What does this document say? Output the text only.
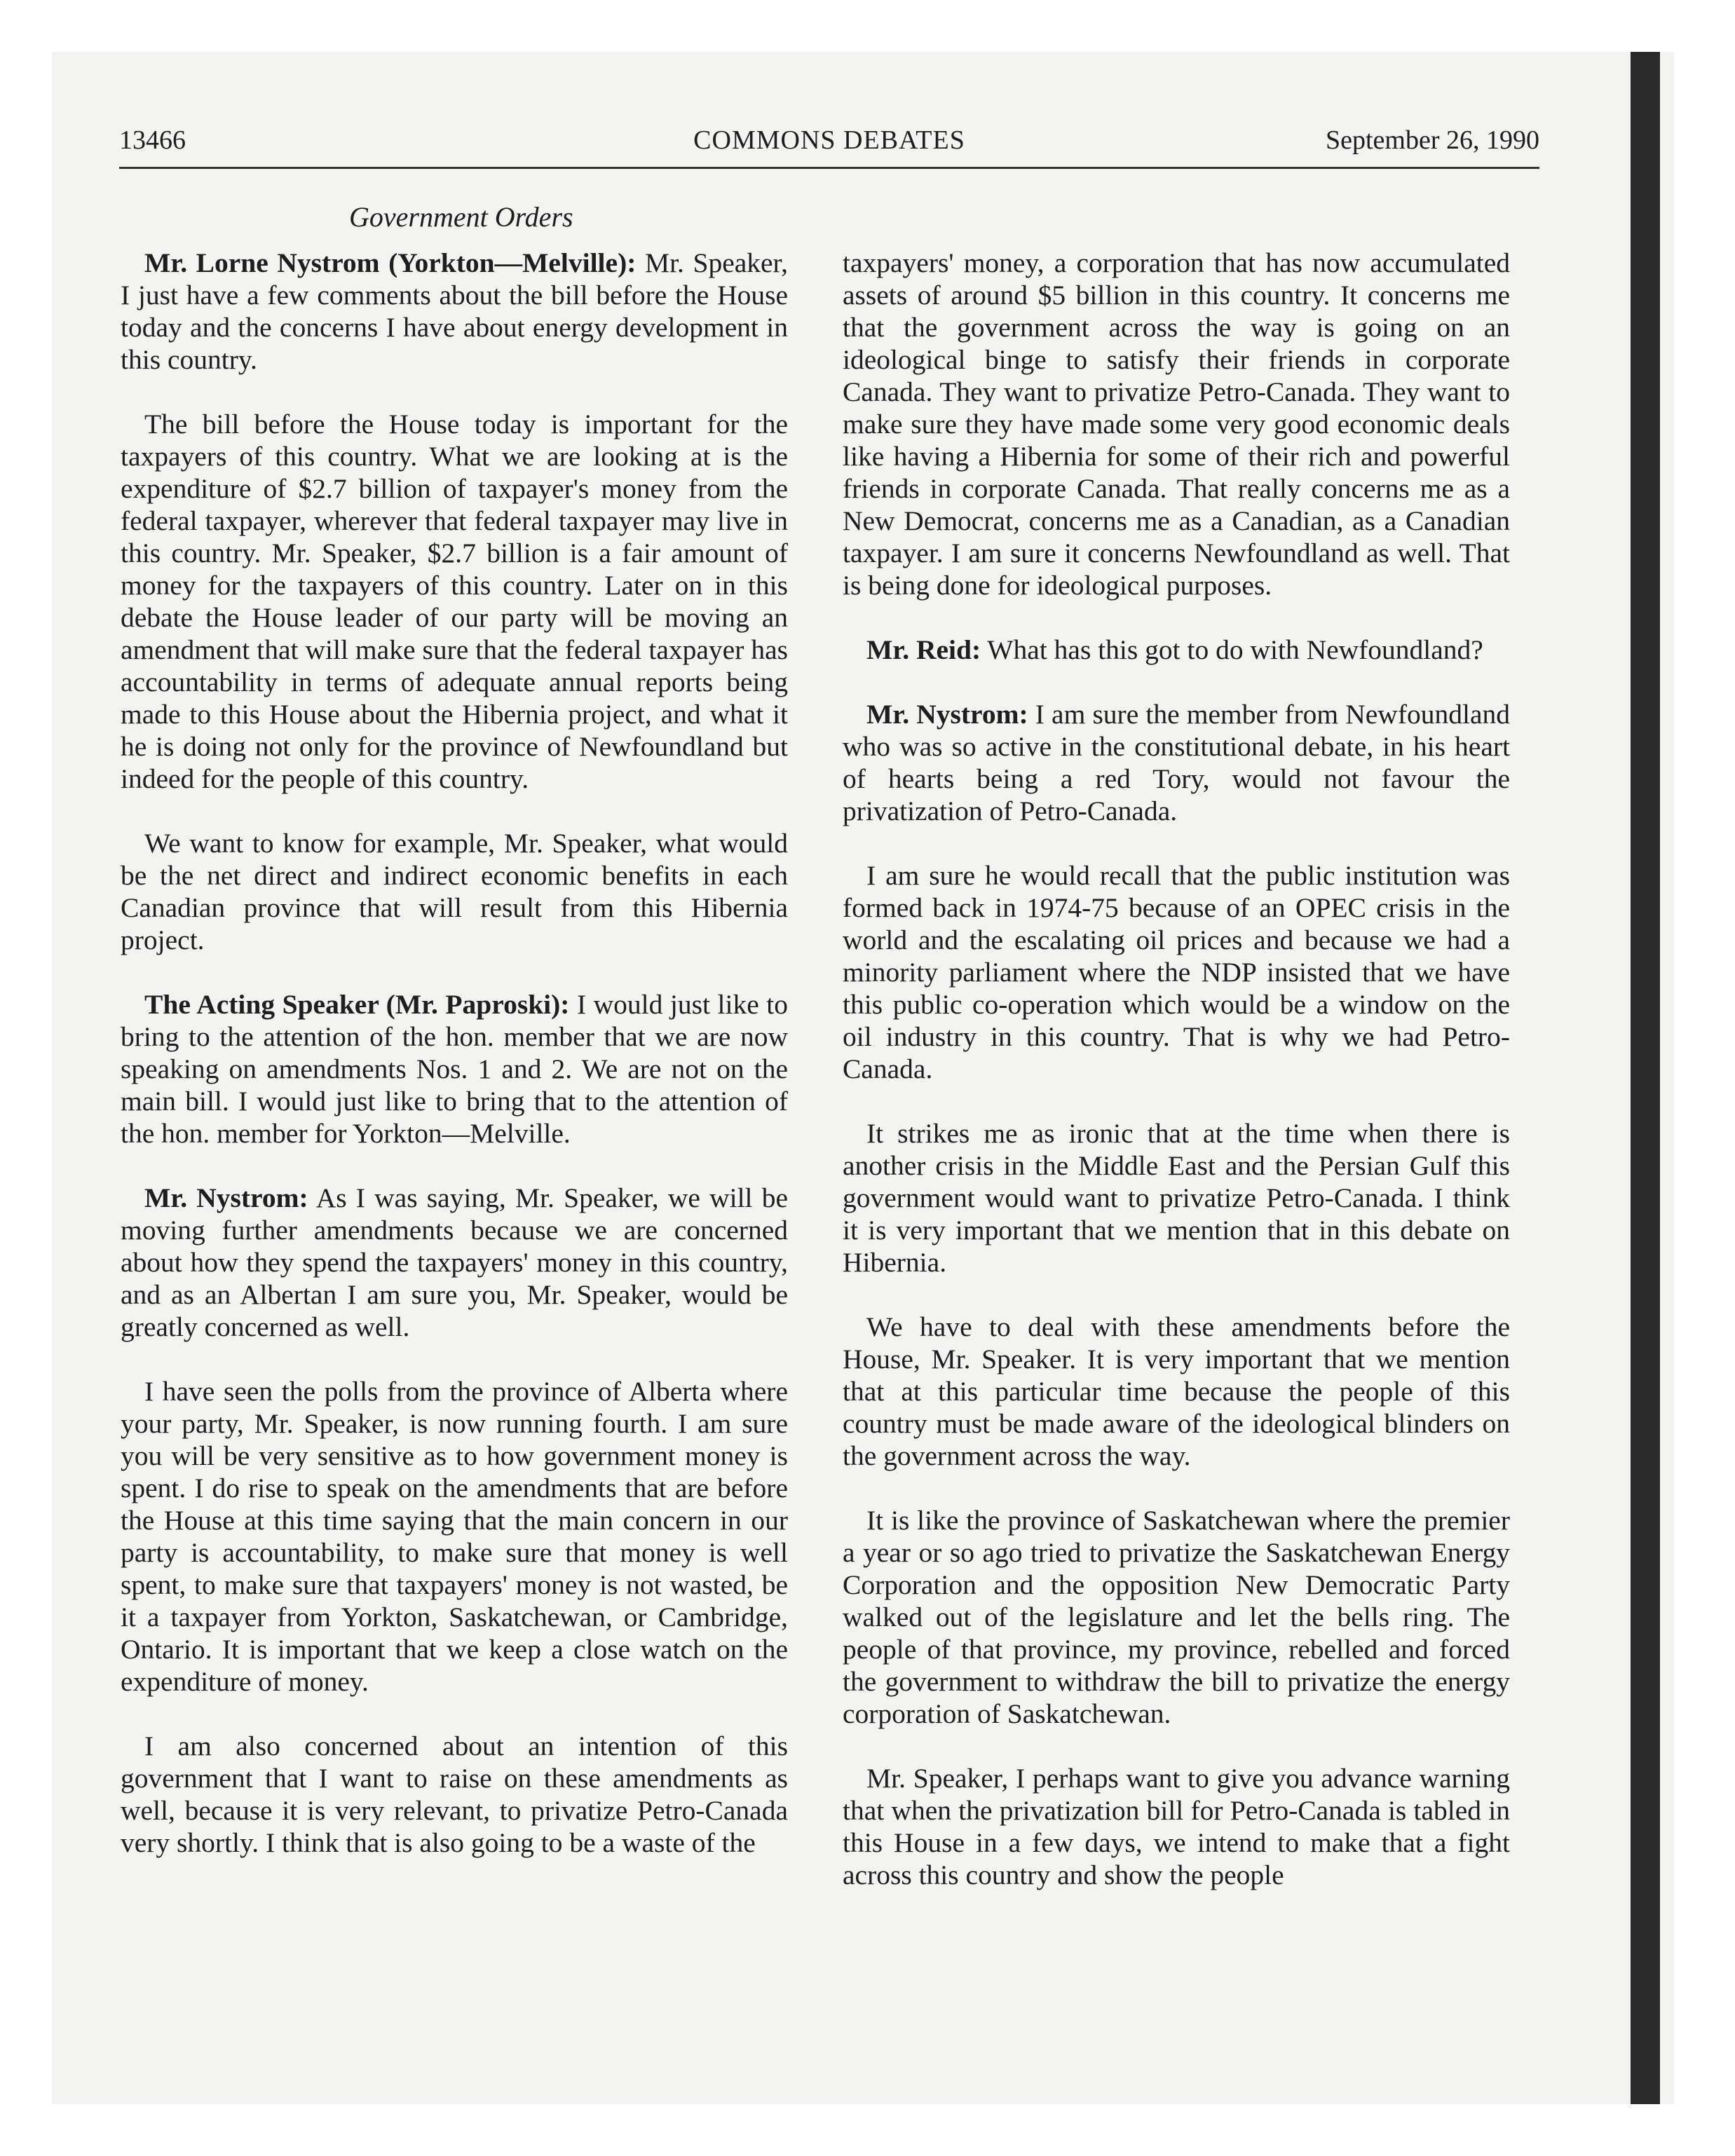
13466	COMMONS DEBATES	September 26, 1990
Government Orders

Mr. Lorne Nystrom (Yorkton—Melville): Mr. Speaker, I just have a few comments about the bill before the House today and the concerns I have about energy development in this country.

The bill before the House today is important for the taxpayers of this country. What we are looking at is the expenditure of $2.7 billion of taxpayer's money from the federal taxpayer, wherever that federal taxpayer may live in this country. Mr. Speaker, $2.7 billion is a fair amount of money for the taxpayers of this country. Later on in this debate the House leader of our party will be moving an amendment that will make sure that the federal taxpayer has accountability in terms of adequate annual reports being made to this House about the Hibernia project, and what it he is doing not only for the province of Newfoundland but indeed for the people of this country.

We want to know for example, Mr. Speaker, what would be the net direct and indirect economic benefits in each Canadian province that will result from this Hibernia project.

The Acting Speaker (Mr. Paproski): I would just like to bring to the attention of the hon. member that we are now speaking on amendments Nos. 1 and 2. We are not on the main bill. I would just like to bring that to the attention of the hon. member for Yorkton—Melville.

Mr. Nystrom: As I was saying, Mr. Speaker, we will be moving further amendments because we are concerned about how they spend the taxpayers' money in this country, and as an Albertan I am sure you, Mr. Speaker, would be greatly concerned as well.

I have seen the polls from the province of Alberta where your party, Mr. Speaker, is now running fourth. I am sure you will be very sensitive as to how government money is spent. I do rise to speak on the amendments that are before the House at this time saying that the main concern in our party is accountability, to make sure that money is well spent, to make sure that taxpayers' money is not wasted, be it a taxpayer from Yorkton, Saskatchewan, or Cambridge, Ontario. It is important that we keep a close watch on the expenditure of money.

I am also concerned about an intention of this government that I want to raise on these amendments as well, because it is very relevant, to privatize Petro-Canada very shortly. I think that is also going to be a waste of the

taxpayers' money, a corporation that has now accumulated assets of around $5 billion in this country. It concerns me that the government across the way is going on an ideological binge to satisfy their friends in corporate Canada. They want to privatize Petro-Canada. They want to make sure they have made some very good economic deals like having a Hibernia for some of their rich and powerful friends in corporate Canada. That really concerns me as a New Democrat, concerns me as a Canadian, as a Canadian taxpayer. I am sure it concerns Newfoundland as well. That is being done for ideological purposes.

Mr. Reid: What has this got to do with Newfoundland?

Mr. Nystrom: I am sure the member from Newfoundland who was so active in the constitutional debate, in his heart of hearts being a red Tory, would not favour the privatization of Petro-Canada.

I am sure he would recall that the public institution was formed back in 1974-75 because of an OPEC crisis in the world and the escalating oil prices and because we had a minority parliament where the NDP insisted that we have this public co-operation which would be a window on the oil industry in this country. That is why we had Petro-Canada.

It strikes me as ironic that at the time when there is another crisis in the Middle East and the Persian Gulf this government would want to privatize Petro-Canada. I think it is very important that we mention that in this debate on Hibernia.

We have to deal with these amendments before the House, Mr. Speaker. It is very important that we mention that at this particular time because the people of this country must be made aware of the ideological blinders on the government across the way.

It is like the province of Saskatchewan where the premier a year or so ago tried to privatize the Saskatchewan Energy Corporation and the opposition New Democratic Party walked out of the legislature and let the bells ring. The people of that province, my province, rebelled and forced the government to withdraw the bill to privatize the energy corporation of Saskatchewan.

Mr. Speaker, I perhaps want to give you advance warning that when the privatization bill for Petro-Canada is tabled in this House in a few days, we intend to make that a fight across this country and show the people
